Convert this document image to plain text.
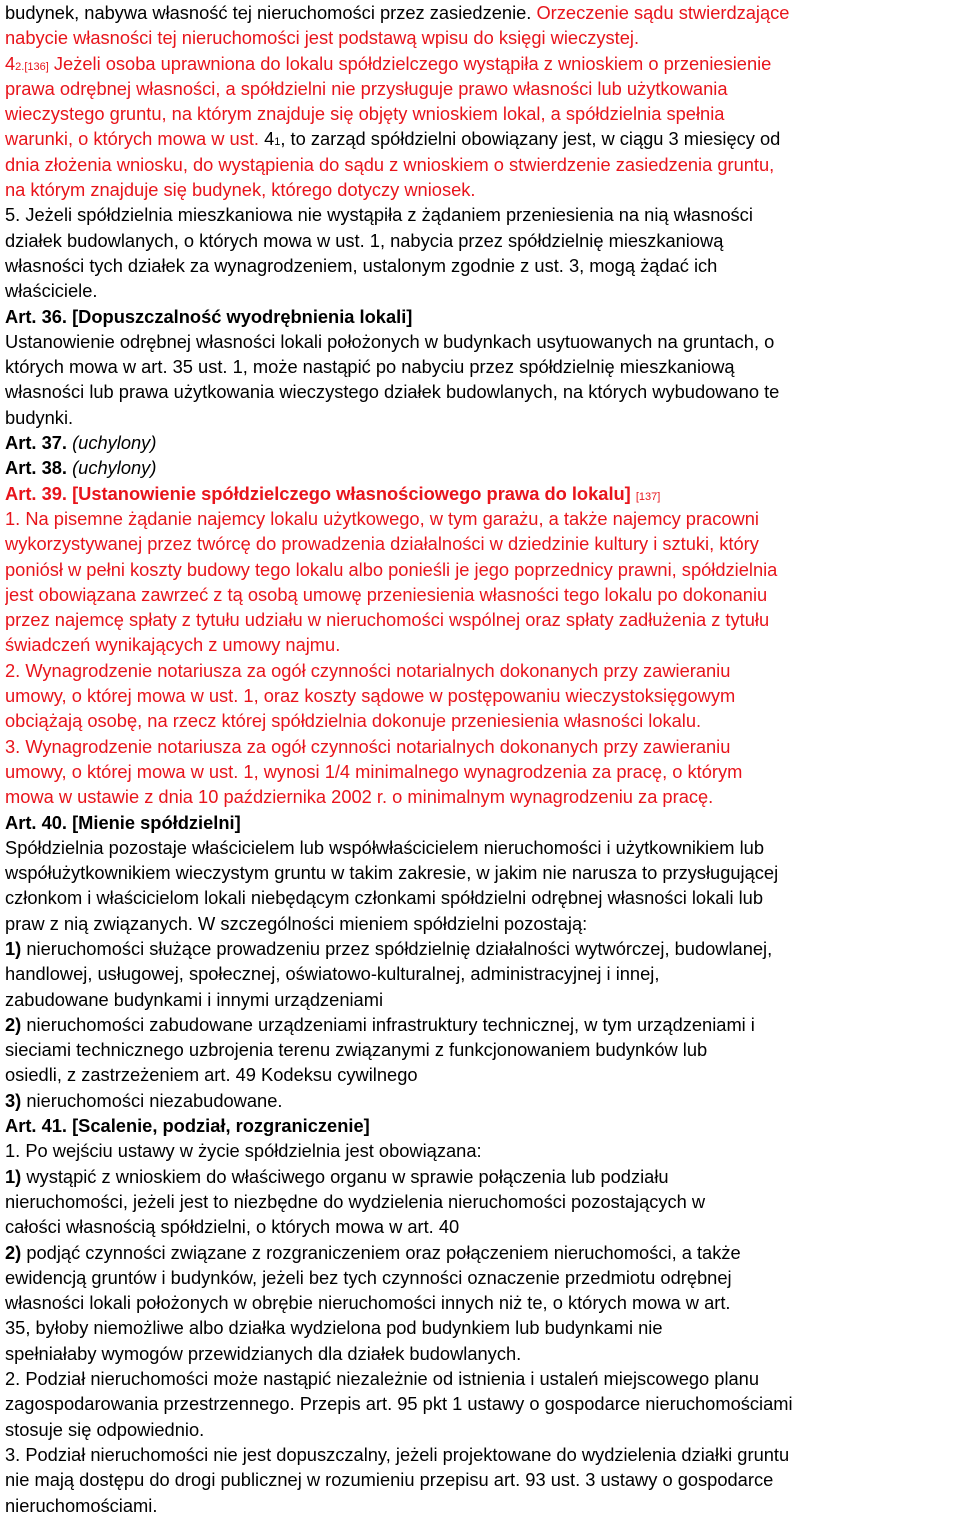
budynek, nabywa własność tej nieruchomości przez zasiedzenie. Orzeczenie sądu stwierdzające
nabycie własności tej nieruchomości jest podstawą wpisu do księgi wieczystej.
42.[136] Jeżeli osoba uprawniona do lokalu spółdzielczego wystąpiła z wnioskiem o przeniesienie
prawa odrębnej własności, a spółdzielni nie przysługuje prawo własności lub użytkowania
wieczystego gruntu, na którym znajduje się objęty wnioskiem lokal, a spółdzielnia spełnia
warunki, o których mowa w ust. 41, to zarząd spółdzielni obowiązany jest, w ciągu 3 miesięcy od
dnia złożenia wniosku, do wystąpienia do sądu z wnioskiem o stwierdzenie zasiedzenia gruntu,
na którym znajduje się budynek, którego dotyczy wniosek.
5. Jeżeli spółdzielnia mieszkaniowa nie wystąpiła z żądaniem przeniesienia na nią własności
działek budowlanych, o których mowa w ust. 1, nabycia przez spółdzielnię mieszkaniową
własności tych działek za wynagrodzeniem, ustalonym zgodnie z ust. 3, mogą żądać ich
właściciele.
Art. 36. [Dopuszczalność wyodrębnienia lokali]
Ustanowienie odrębnej własności lokali położonych w budynkach usytuowanych na gruntach, o
których mowa w art. 35 ust. 1, może nastąpić po nabyciu przez spółdzielnię mieszkaniową
własności lub prawa użytkowania wieczystego działek budowlanych, na których wybudowano te
budynki.
Art. 37. (uchylony)
Art. 38. (uchylony)
Art. 39. [Ustanowienie spółdzielczego własnościowego prawa do lokalu] [137]
1. Na pisemne żądanie najemcy lokalu użytkowego, w tym garażu, a także najemcy pracowni
wykorzystywanej przez twórcę do prowadzenia działalności w dziedzinie kultury i sztuki, który
poniósł w pełni koszty budowy tego lokalu albo ponieśli je jego poprzednicy prawni, spółdzielnia
jest obowiązana zawrzeć z tą osobą umowę przeniesienia własności tego lokalu po dokonaniu
przez najemcę spłaty z tytułu udziału w nieruchomości wspólnej oraz spłaty zadłużenia z tytułu
świadczeń wynikających z umowy najmu.
2. Wynagrodzenie notariusza za ogół czynności notarialnych dokonanych przy zawieraniu
umowy, o której mowa w ust. 1, oraz koszty sądowe w postępowaniu wieczystoksięgowym
obciążają osobę, na rzecz której spółdzielnia dokonuje przeniesienia własności lokalu.
3. Wynagrodzenie notariusza za ogół czynności notarialnych dokonanych przy zawieraniu
umowy, o której mowa w ust. 1, wynosi 1/4 minimalnego wynagrodzenia za pracę, o którym
mowa w ustawie z dnia 10 października 2002 r. o minimalnym wynagrodzeniu za pracę.
Art. 40. [Mienie spółdzielni]
Spółdzielnia pozostaje właścicielem lub współwłaścicielem nieruchomości i użytkownikiem lub
współużytkownikiem wieczystym gruntu w takim zakresie, w jakim nie narusza to przysługującej
członkom i właścicielom lokali niebędącym członkami spółdzielni odrębnej własności lokali lub
praw z nią związanych. W szczególności mieniem spółdzielni pozostają:
1) nieruchomości służące prowadzeniu przez spółdzielnię działalności wytwórczej, budowlanej,
handlowej, usługowej, społecznej, oświatowo-kulturalnej, administracyjnej i innej,
zabudowane budynkami i innymi urządzeniami
2) nieruchomości zabudowane urządzeniami infrastruktury technicznej, w tym urządzeniami i
sieciami technicznego uzbrojenia terenu związanymi z funkcjonowaniem budynków lub
osiedli, z zastrzeżeniem art. 49 Kodeksu cywilnego
3) nieruchomości niezabudowane.
Art. 41. [Scalenie, podział, rozgraniczenie]
1. Po wejściu ustawy w życie spółdzielnia jest obowiązana:
1) wystąpić z wnioskiem do właściwego organu w sprawie połączenia lub podziału
nieruchomości, jeżeli jest to niezbędne do wydzielenia nieruchomości pozostających w
całości własnością spółdzielni, o których mowa w art. 40
2) podjąć czynności związane z rozgraniczeniem oraz połączeniem nieruchomości, a także
ewidencją gruntów i budynków, jeżeli bez tych czynności oznaczenie przedmiotu odrębnej
własności lokali położonych w obrębie nieruchomości innych niż te, o których mowa w art.
35, byłoby niemożliwe albo działka wydzielona pod budynkiem lub budynkami nie
spełniałaby wymogów przewidzianych dla działek budowlanych.
2. Podział nieruchomości może nastąpić niezależnie od istnienia i ustaleń miejscowego planu
zagospodarowania przestrzennego. Przepis art. 95 pkt 1 ustawy o gospodarce nieruchomościami
stosuje się odpowiednio.
3. Podział nieruchomości nie jest dopuszczalny, jeżeli projektowane do wydzielenia działki gruntu
nie mają dostępu do drogi publicznej w rozumieniu przepisu art. 93 ust. 3 ustawy o gospodarce
nieruchomościami.
